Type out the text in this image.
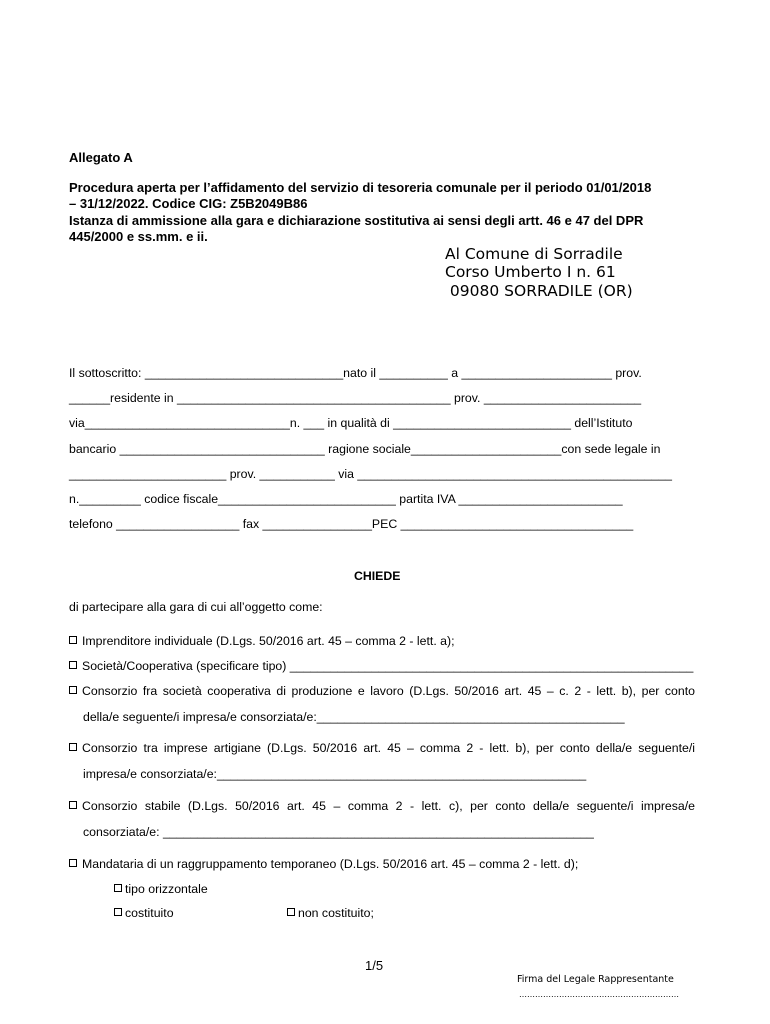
Allegato A
Procedura aperta per l’affidamento del servizio di tesoreria comunale per il periodo 01/01/2018
– 31/12/2022. Codice CIG: Z5B2049B86
Istanza di ammissione alla gara e dichiarazione sostitutiva ai sensi degli artt. 46 e 47 del DPR
445/2000 e ss.mm. e ii.
Al Comune di Sorradile
Corso Umberto I n. 61
09080 SORRADILE (OR)
Il sottoscritto: _____________________________nato il __________ a ______________________ prov.
______residente in ________________________________________ prov. _______________________
via______________________________n. ___ in qualità di __________________________ dell’Istituto
bancario ______________________________ ragione sociale______________________con sede legale in
_______________________ prov. ___________ via ______________________________________________
n._________ codice fiscale__________________________ partita IVA ________________________
telefono __________________ fax ________________PEC __________________________________
CHIEDE
di partecipare alla gara di cui all’oggetto come:
Imprenditore individuale (D.Lgs. 50/2016 art. 45 – comma 2 - lett. a);
Società/Cooperativa (specificare tipo) ___________________________________________________________
Consorzio fra società cooperativa di produzione e lavoro (D.Lgs. 50/2016 art. 45 – c. 2 - lett. b), per conto
della/e seguente/i impresa/e consorziata/e:_____________________________________________
Consorzio tra imprese artigiane (D.Lgs. 50/2016 art. 45 – comma 2 - lett. b), per conto della/e seguente/i
impresa/e consorziata/e:______________________________________________________
Consorzio stabile (D.Lgs. 50/2016 art. 45 – comma 2 - lett. c), per conto della/e seguente/i impresa/e
consorziata/e: _______________________________________________________________
Mandataria di un raggruppamento temporaneo (D.Lgs. 50/2016 art. 45 – comma 2 - lett. d);
tipo orizzontale
costituito	non costituito;
1/5
Firma del Legale Rappresentante
……………………………………………………
